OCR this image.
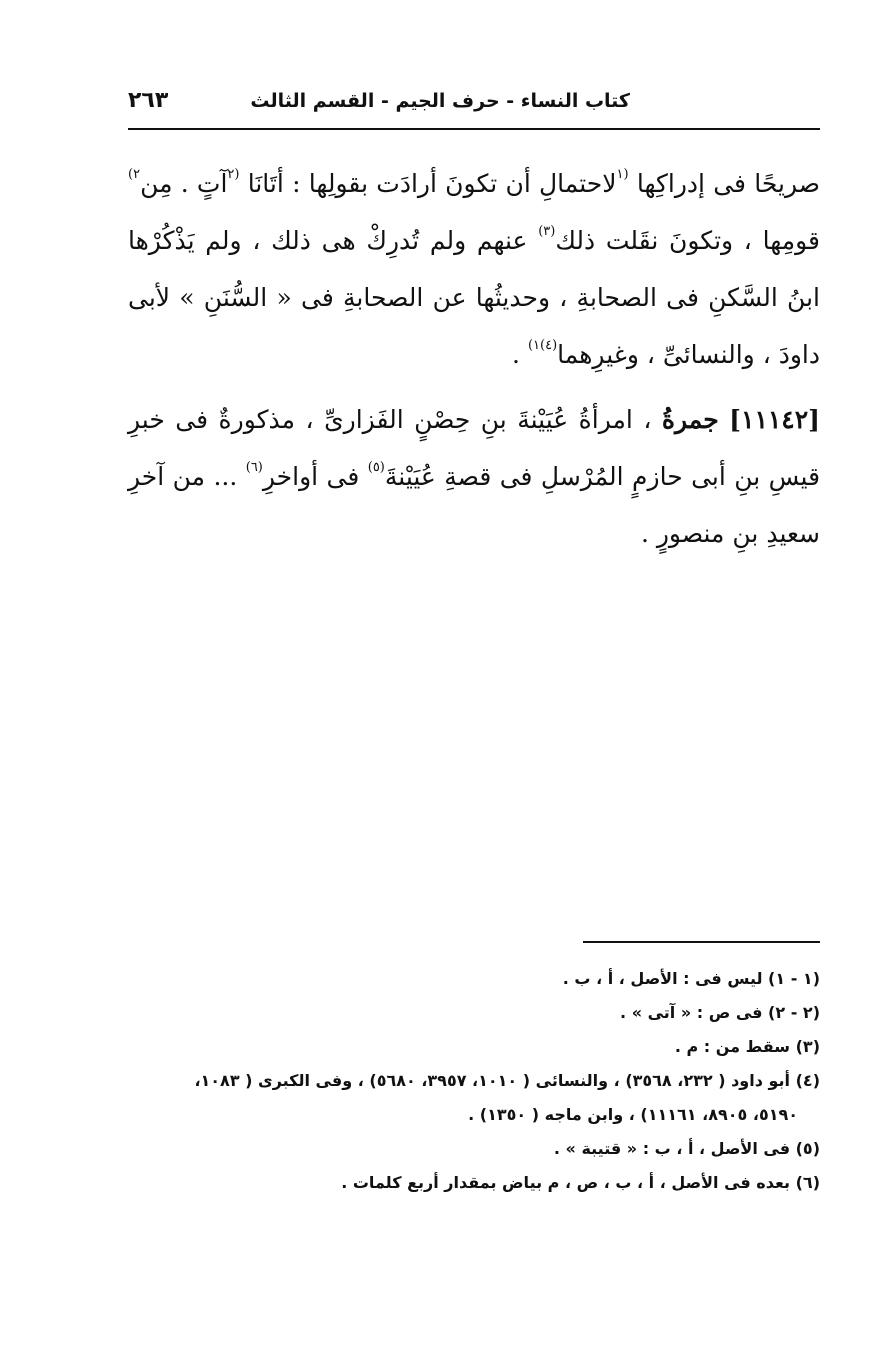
كتاب النساء - حرف الجيم - القسم الثالث
٢٦٣

صريحًا فى إدراكِها $^{(١}$لاحتمالِ أن تكونَ أرادَت بقولِها : أتَانَا $^{(٢}$آتٍ . مِن$^{٢)}$ قومِها ، وتكونَ نقَلت ذلك$^{(٣)}$ عنهم ولم تُدرِكْ هى ذلك ، ولم يَذْكُرْها ابنُ السَّكنِ فى الصحابةِ ، وحديثُها عن الصحابةِ فى « السُّنَنِ » لأبى داودَ ، والنسائىِّ ، وغيرِهما$^{(٤)١)}$ .

[١١١٤٢] جمرةُ ، امرأةُ عُيَيْنةَ بنِ حِصْنٍ الفَزارىِّ ، مذكورةٌ فى خبرِ قيسِ بنِ أبى حازمٍ المُرْسلِ فى قصةِ عُيَيْنةَ$^{(٥)}$ فى أواخرِ$^{(٦)}$ ... من آخرِ سعيدِ بنِ منصورٍ .

(١ - ١) ليس فى : الأصل ، أ ، ب .

(٢ - ٢) فى ص : « آتى » .

(٣) سقط من : م .

(٤) أبو داود ( ٢٣٢، ٣٥٦٨) ، والنسائى ( ١٠١٠، ٣٩٥٧، ٥٦٨٠) ، وفى الكبرى ( ١٠٨٣،

٥١٩٠، ٨٩٠٥، ١١١٦١) ، وابن ماجه ( ١٣٥٠) .

(٥) فى الأصل ، أ ، ب : « قتيبة » .

(٦) بعده فى الأصل ، أ ، ب ، ص ، م بياض بمقدار أربع كلمات .
